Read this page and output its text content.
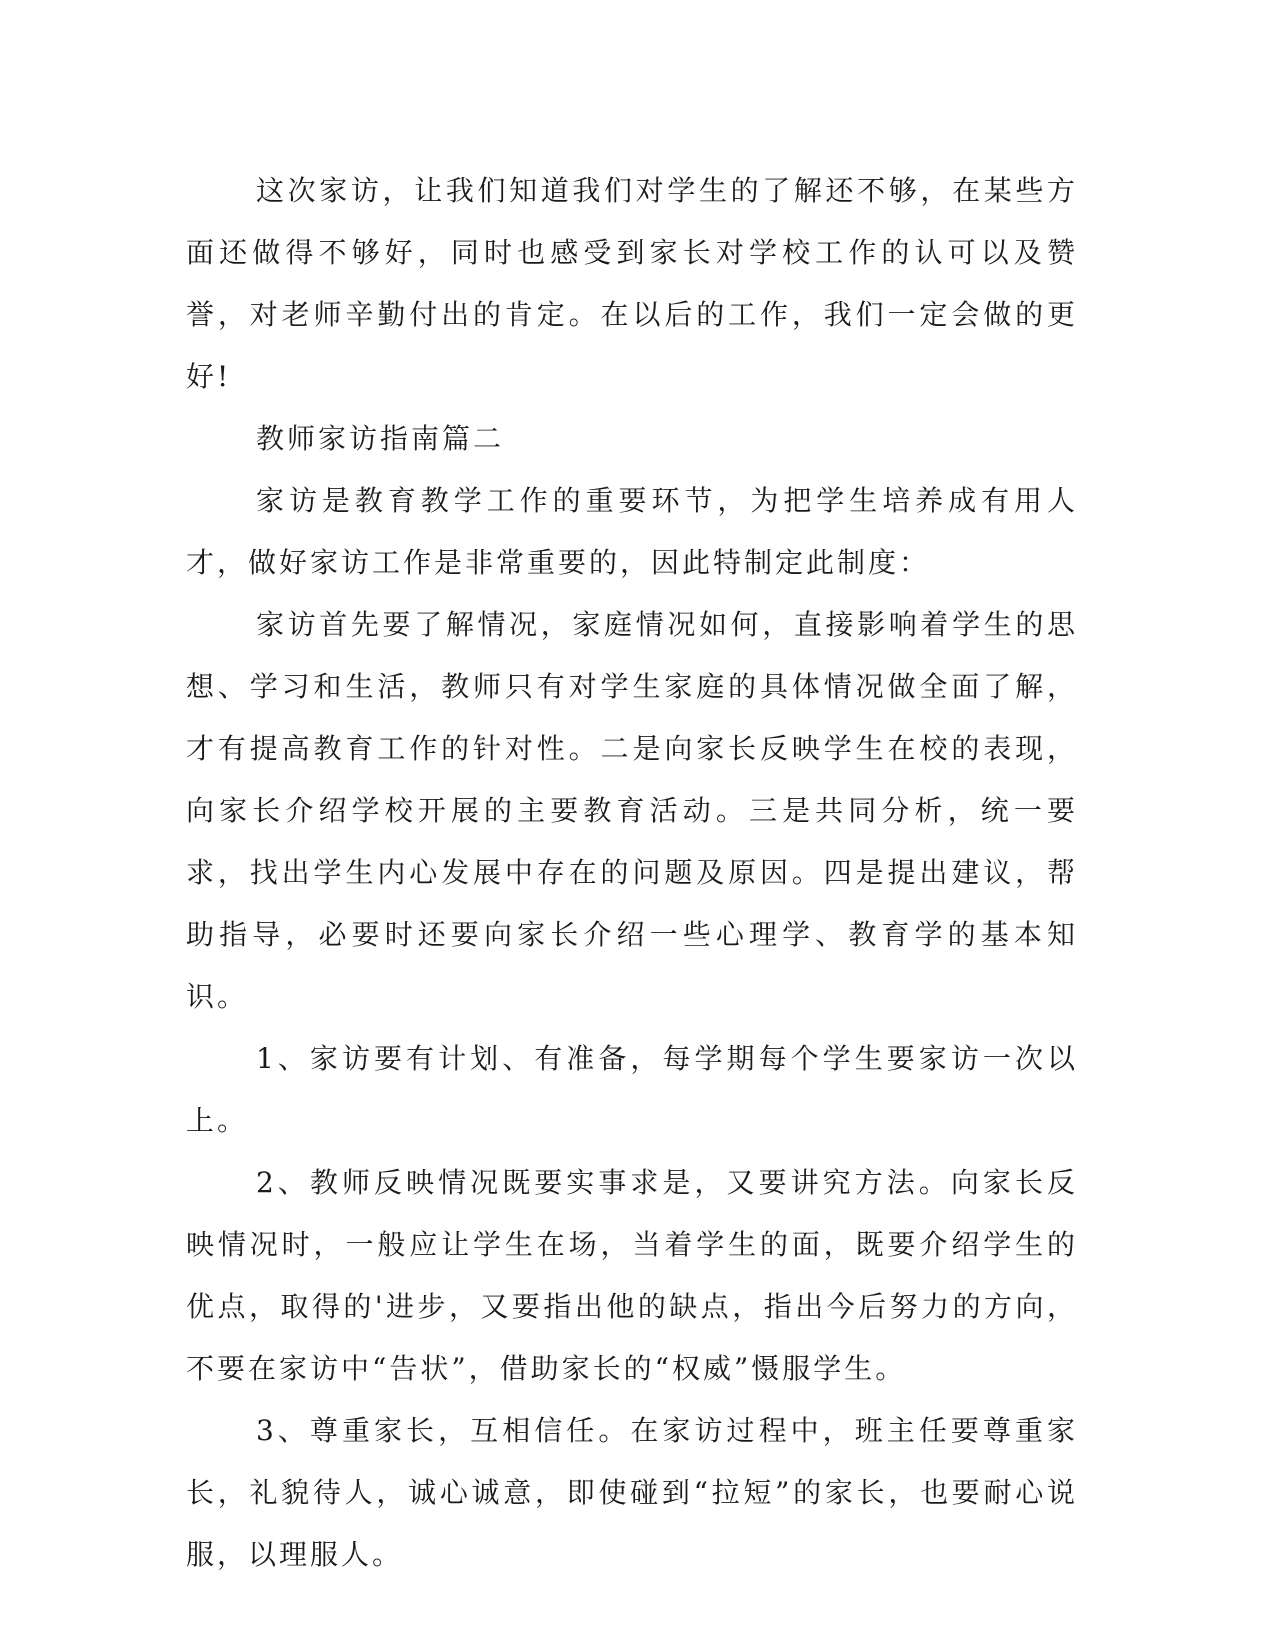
这次家访，让我们知道我们对学生的了解还不够，在某些方面还做得不够好，同时也感受到家长对学校工作的认可以及赞誉，对老师辛勤付出的肯定。在以后的工作，我们一定会做的更好!

教师家访指南篇二

家访是教育教学工作的重要环节，为把学生培养成有用人才，做好家访工作是非常重要的，因此特制定此制度：

家访首先要了解情况，家庭情况如何，直接影响着学生的思想、学习和生活，教师只有对学生家庭的具体情况做全面了解，才有提高教育工作的针对性。二是向家长反映学生在校的表现，向家长介绍学校开展的主要教育活动。三是共同分析，统一要求，找出学生内心发展中存在的问题及原因。四是提出建议，帮助指导，必要时还要向家长介绍一些心理学、教育学的基本知识。

1、家访要有计划、有准备，每学期每个学生要家访一次以上。

2、教师反映情况既要实事求是，又要讲究方法。向家长反映情况时，一般应让学生在场，当着学生的面，既要介绍学生的优点，取得的'进步，又要指出他的缺点，指出今后努力的方向，不要在家访中“告状”，借助家长的“权威”慑服学生。

3、尊重家长，互相信任。在家访过程中，班主任要尊重家长，礼貌待人，诚心诚意，即使碰到“拉短”的家长，也要耐心说服，以理服人。
